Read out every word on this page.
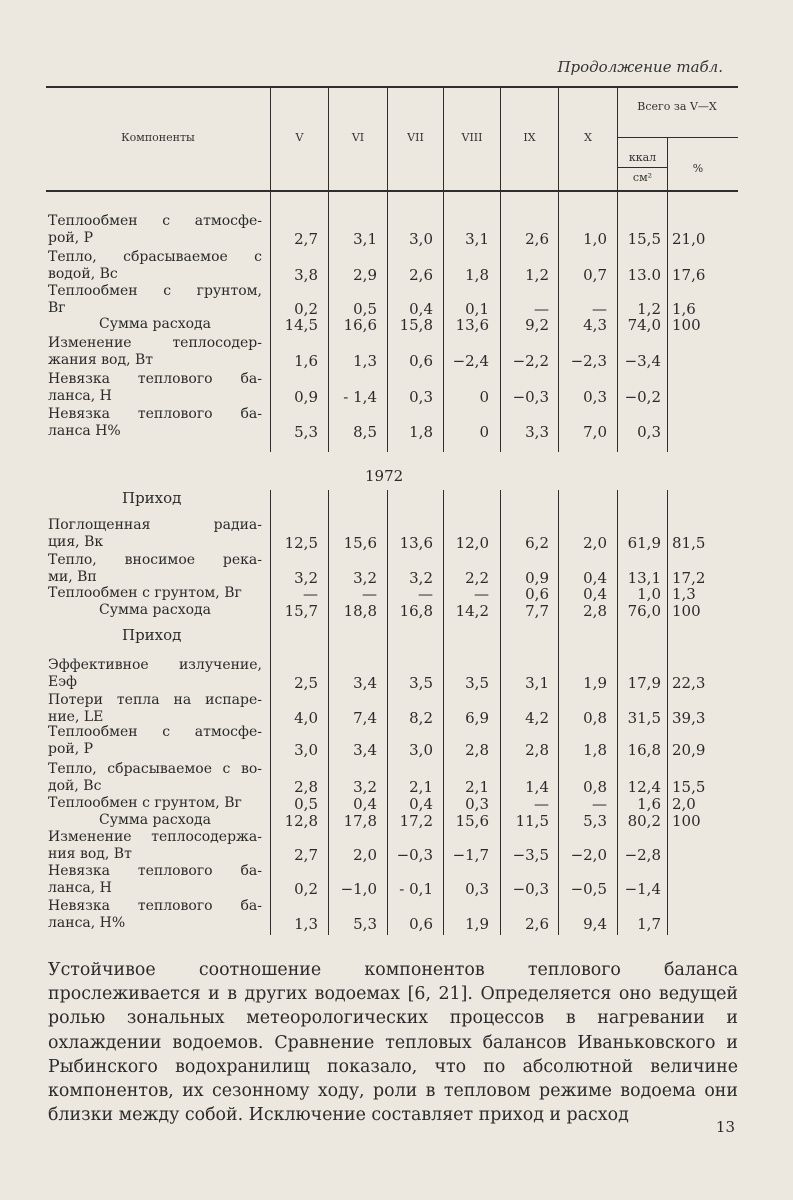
Продолжение табл.
Компоненты	V	VI	VII	VIII	IX	X
Всего за V—X
ккал
см²
%
Теплообмен с атмосфе-
рой, Р	2,7	3,1	3,0	3,1	2,6	1,0	15,5 21,0
Тепло, сбрасываемое с
водой, Вс	3,8	2,9	2,6	1,8	1,2	0,7	13.0 17,6
Теплообмен с грунтом,
Вг	0,2	0,5	0,4	0,1	—	—	1,2 1,6
Сумма расхода	14,5	16,6	15,8	13,6	9,2	4,3	74,0 100
Изменение теплосодер-
жания вод, Вт	1,6	1,3	0,6	−2,4	−2,2	−2,3	−3,4
Невязка теплового ба-
ланса, Н	0,9	- 1,4	0,3	0	−0,3	0,3	−0,2
Невязка теплового ба-
ланса Н%	5,3	8,5	1,8	0	3,3	7,0	0,3
1972
Приход
Поглощенная радиа-
ция, Вк	12,5	15,6	13,6	12,0	6,2	2,0	61,9 81,5
Тепло, вносимое река-
ми, Вп	3,2	3,2	3,2	2,2	0,9	0,4	13,1 17,2
Теплообмен с грунтом, Вг	—	—	—	—	0,6	0,4	1,0 1,3
Сумма расхода	15,7	18,8	16,8	14,2	7,7	2,8	76,0 100
Приход
Эффективное излучение,
Еэф	2,5	3,4	3,5	3,5	3,1	1,9	17,9 22,3
Потери тепла на испаре-
ние, LE	4,0	7,4	8,2	6,9	4,2	0,8	31,5 39,3
Теплообмен с атмосфе-
рой, Р	3,0	3,4	3,0	2,8	2,8	1,8	16,8 20,9
Тепло, сбрасываемое с во-
дой, Вс	2,8	3,2	2,1	2,1	1,4	0,8	12,4 15,5
Теплообмен с грунтом, Вг	0,5	0,4	0,4	0,3	—	—	1,6 2,0
Сумма расхода	12,8	17,8	17,2	15,6	11,5	5,3	80,2 100
Изменение теплосодержа-
ния вод, Вт	2,7	2,0	−0,3	−1,7	−3,5	−2,0	−2,8
Невязка теплового ба-
ланса, Н	0,2	−1,0	- 0,1	0,3	−0,3	−0,5	−1,4
Невязка теплового ба-
ланса, Н%	1,3	5,3	0,6	1,9	2,6	9,4	1,7
Устойчивое соотношение компонентов теплового баланса прослеживается и в других водоемах [6, 21]. Определяется оно ведущей ролью зональных метеорологических процессов в нагревании и охлаждении водоемов. Сравнение тепловых балансов Иваньковского и Рыбинского водохранилищ показало, что по абсолютной величине компонентов, их сезонному ходу, роли в тепловом режиме водоема они близки между собой. Исключение составляет приход и расход
13
